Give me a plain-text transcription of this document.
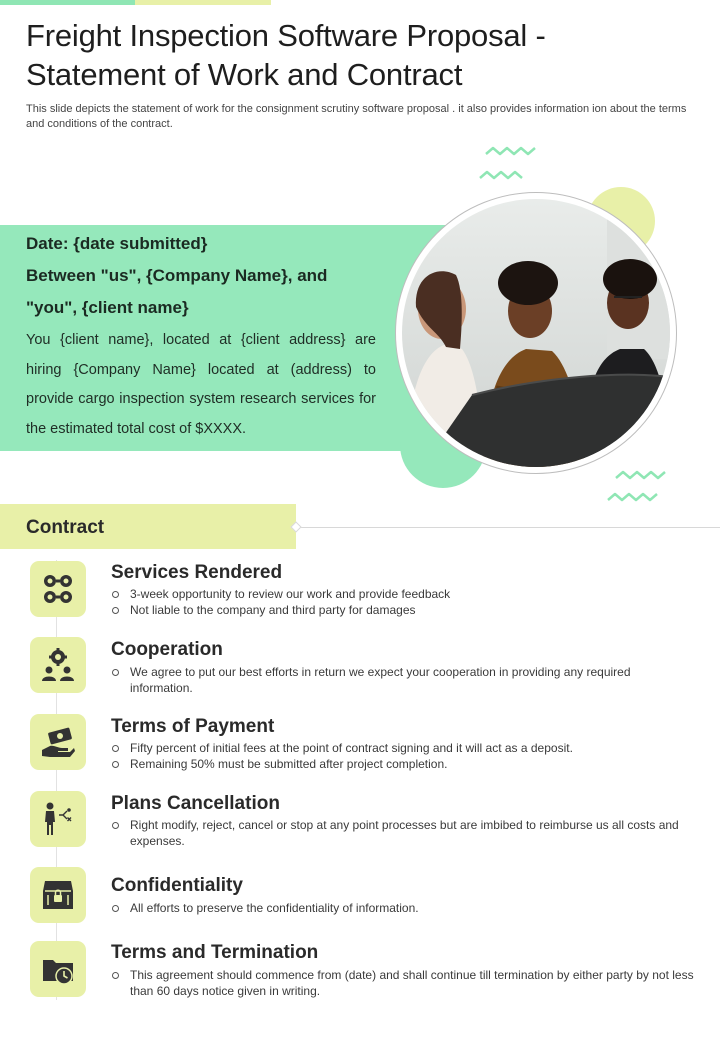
Freight Inspection Software Proposal -
Statement of Work and Contract

This slide depicts the statement of work for the consignment scrutiny software proposal . it also provides information ion about the terms and conditions of the contract.

Date: {date submitted}
Between "us", {Company Name}, and
"you", {client name}

You {client name}, located at {client address} are hiring {Company Name} located at (address) to provide cargo inspection system research services for the estimated total cost of $XXXX.

Contract
Services Rendered
3-week opportunity to review our work and provide feedback
Not liable to the company and third party for damages
Cooperation
We agree to put our best efforts in return we expect your cooperation in providing any required information.
Terms of Payment
Fifty percent of initial fees at the point of contract signing and it will act as a deposit.
Remaining 50% must be submitted after project completion.
Plans Cancellation
Right modify, reject, cancel or stop at any point processes but are imbibed to reimburse us all costs and expenses.
Confidentiality
All efforts to preserve the confidentiality of information.
Terms and Termination
This agreement should commence from (date) and shall continue till termination by either party by not less than 60 days notice given in writing.
